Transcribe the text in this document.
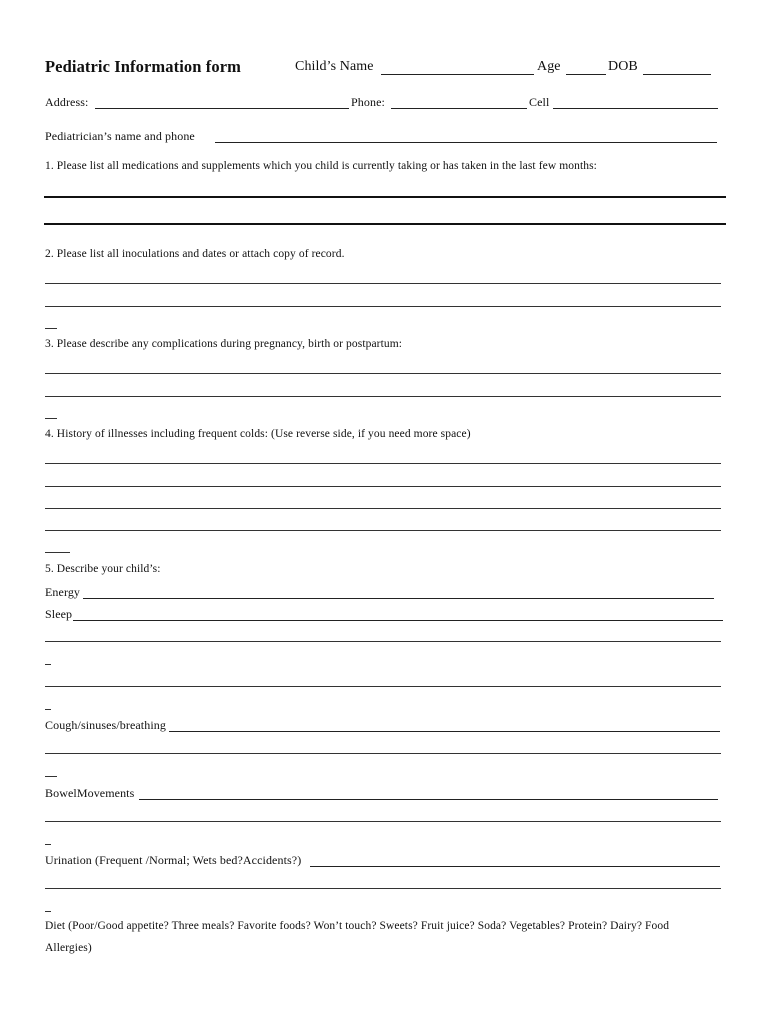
Pediatric Information form	Child’s Name	Age	DOB
Address:	Phone:	Cell
Pediatrician’s name and phone
1. Please list all medications and supplements which you child is currently taking or has taken in the last few months:
2. Please list all inoculations and dates or attach copy of record.
3. Please describe any complications during pregnancy, birth or postpartum:
4. History of illnesses including frequent colds: (Use reverse side, if you need more space)
5. Describe your child’s:
Energy
Sleep
Cough/sinuses/breathing
BowelMovements
Urination (Frequent /Normal; Wets bed?Accidents?)
Diet (Poor/Good appetite? Three meals? Favorite foods? Won’t touch? Sweets? Fruit juice? Soda? Vegetables? Protein? Dairy? Food
Allergies)
